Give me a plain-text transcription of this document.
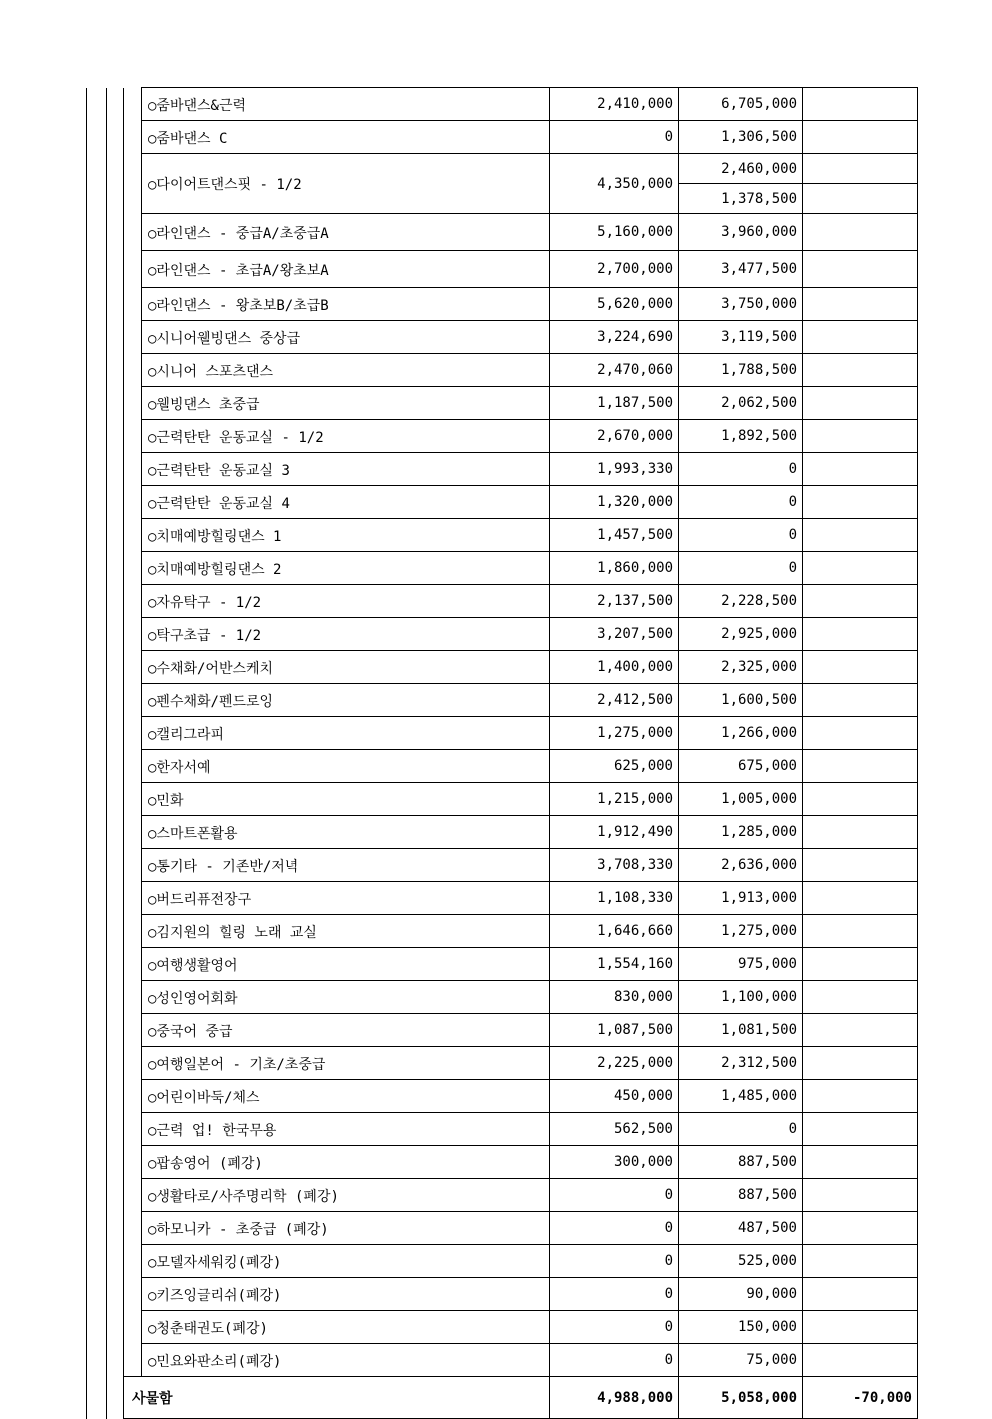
			○줌바댄스&근력	2,410,000	6,705,000	
			○줌바댄스 C	0	1,306,500	
			○다이어트댄스핏 - 1/2	4,350,000	2,460,000	
					1,378,500	
			○라인댄스 - 중급A/초중급A	5,160,000	3,960,000	
			○라인댄스 - 초급A/왕초보A	2,700,000	3,477,500	
			○라인댄스 - 왕초보B/초급B	5,620,000	3,750,000	
			○시니어웰빙댄스 중상급	3,224,690	3,119,500	
			○시니어 스포츠댄스	2,470,060	1,788,500	
			○웰빙댄스 초중급	1,187,500	2,062,500	
			○근력탄탄 운동교실 - 1/2	2,670,000	1,892,500	
			○근력탄탄 운동교실 3	1,993,330	0	
			○근력탄탄 운동교실 4	1,320,000	0	
			○치매예방힐링댄스 1	1,457,500	0	
			○치매예방힐링댄스 2	1,860,000	0	
			○자유탁구 - 1/2	2,137,500	2,228,500	
			○탁구초급 - 1/2	3,207,500	2,925,000	
			○수채화/어반스케치	1,400,000	2,325,000	
			○펜수채화/펜드로잉	2,412,500	1,600,500	
			○캘리그라피	1,275,000	1,266,000	
			○한자서예	625,000	675,000	
			○민화	1,215,000	1,005,000	
			○스마트폰활용	1,912,490	1,285,000	
			○통기타 - 기존반/저녁	3,708,330	2,636,000	
			○버드리퓨전장구	1,108,330	1,913,000	
			○김지원의 힐링 노래 교실	1,646,660	1,275,000	
			○여행생활영어	1,554,160	975,000	
			○성인영어회화	830,000	1,100,000	
			○중국어 중급	1,087,500	1,081,500	
			○여행일본어 - 기초/초중급	2,225,000	2,312,500	
			○어린이바둑/체스	450,000	1,485,000	
			○근력 업! 한국무용	562,500	0	
			○팝송영어 (폐강)	300,000	887,500	
			○생활타로/사주명리학 (폐강)	0	887,500	
			○하모니카 - 초중급 (폐강)	0	487,500	
			○모델자세워킹(폐강)	0	525,000	
			○키즈잉글리쉬(폐강)	0	90,000	
			○청춘태권도(폐강)	0	150,000	
			○민요와판소리(폐강)	0	75,000	
		사물함		4,988,000	5,058,000	-70,000
